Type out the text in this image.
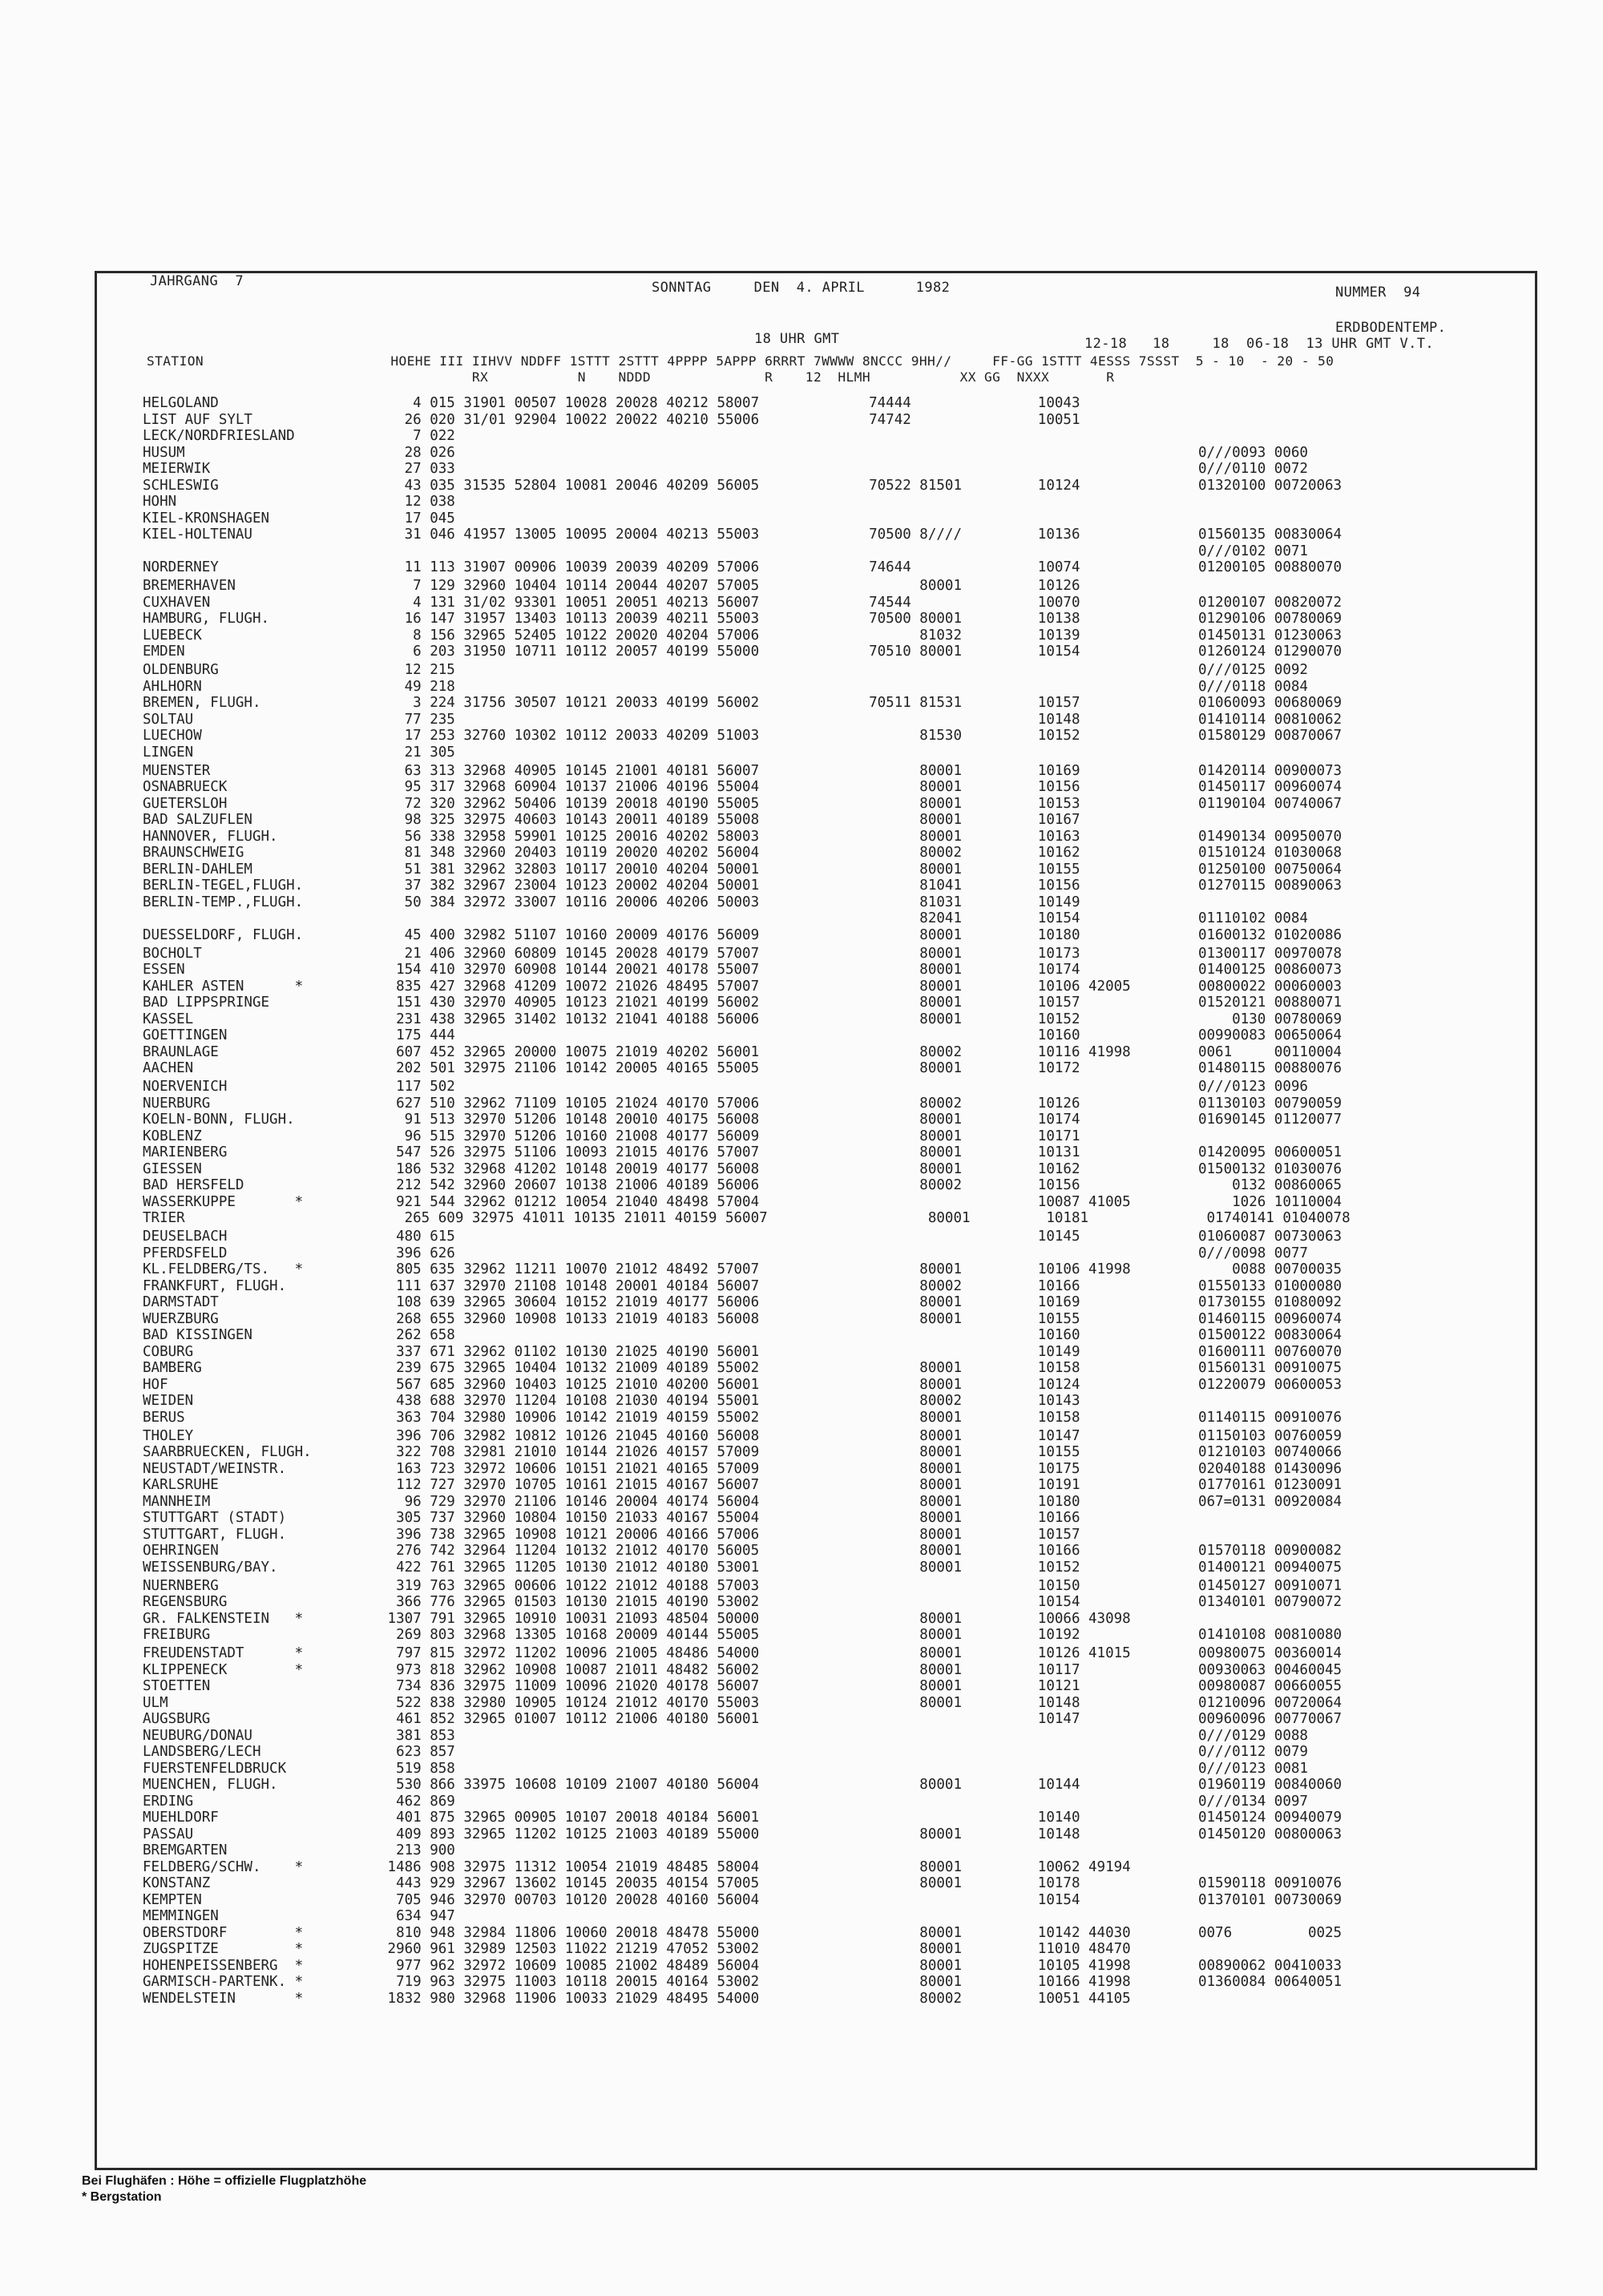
JAHRGANG  7	SONNTAG     DEN  4. APRIL      1982	NUMMER  94
18 UHR GMT
ERDBODENTEMP.
12-18   18     18  06-18  13 UHR GMT V.T.
STATION                       HOEHE III IIHVV NDDFF 1STTT 2STTT 4PPPP 5APPP 6RRRT 7WWWW 8NCCC 9HH//     FF-GG 1STTT 4ESSS 7SSST  5 - 10  - 20 - 50
RX           N    NDDD              R    12  HLMH           XX GG  NXXX       R
HELGOLAND                       4 015 31901 00507 10028 20028 40212 58007             74444               10043
LIST AUF SYLT                  26 020 31/01 92904 10022 20022 40210 55006             74742               10051
LECK/NORDFRIESLAND              7 022
HUSUM                          28 026                                                                                        0///0093 0060
MEIERWIK                       27 033                                                                                        0///0110 0072
SCHLESWIG                      43 035 31535 52804 10081 20046 40209 56005             70522 81501         10124              01320100 00720063
HOHN                           12 038
KIEL-KRONSHAGEN                17 045
KIEL-HOLTENAU                  31 046 41957 13005 10095 20004 40213 55003             70500 8////         10136              01560135 00830064
0///0102 0071
NORDERNEY                      11 113 31907 00906 10039 20039 40209 57006             74644               10074              01200105 00880070
BREMERHAVEN                     7 129 32960 10404 10114 20044 40207 57005                   80001         10126
CUXHAVEN                        4 131 31/02 93301 10051 20051 40213 56007             74544               10070              01200107 00820072
HAMBURG, FLUGH.                16 147 31957 13403 10113 20039 40211 55003             70500 80001         10138              01290106 00780069
LUEBECK                         8 156 32965 52405 10122 20020 40204 57006                   81032         10139              01450131 01230063
EMDEN                           6 203 31950 10711 10112 20057 40199 55000             70510 80001         10154              01260124 01290070
OLDENBURG                      12 215                                                                                        0///0125 0092
AHLHORN                        49 218                                                                                        0///0118 0084
BREMEN, FLUGH.                  3 224 31756 30507 10121 20033 40199 56002             70511 81531         10157              01060093 00680069
SOLTAU                         77 235                                                                     10148              01410114 00810062
LUECHOW                        17 253 32760 10302 10112 20033 40209 51003                   81530         10152              01580129 00870067
LINGEN                         21 305
MUENSTER                       63 313 32968 40905 10145 21001 40181 56007                   80001         10169              01420114 00900073
OSNABRUECK                     95 317 32968 60904 10137 21006 40196 55004                   80001         10156              01450117 00960074
GUETERSLOH                     72 320 32962 50406 10139 20018 40190 55005                   80001         10153              01190104 00740067
BAD SALZUFLEN                  98 325 32975 40603 10143 20011 40189 55008                   80001         10167
HANNOVER, FLUGH.               56 338 32958 59901 10125 20016 40202 58003                   80001         10163              01490134 00950070
BRAUNSCHWEIG                   81 348 32960 20403 10119 20020 40202 56004                   80002         10162              01510124 01030068
BERLIN-DAHLEM                  51 381 32962 32803 10117 20010 40204 50001                   80001         10155              01250100 00750064
BERLIN-TEGEL,FLUGH.            37 382 32967 23004 10123 20002 40204 50001                   81041         10156              01270115 00890063
BERLIN-TEMP.,FLUGH.            50 384 32972 33007 10116 20006 40206 50003                   81031         10149
82041         10154              01110102 0084
DUESSELDORF, FLUGH.            45 400 32982 51107 10160 20009 40176 56009                   80001         10180              01600132 01020086
BOCHOLT                        21 406 32960 60809 10145 20028 40179 57007                   80001         10173              01300117 00970078
ESSEN                         154 410 32970 60908 10144 20021 40178 55007                   80001         10174              01400125 00860073
KAHLER ASTEN      *           835 427 32968 41209 10072 21026 48495 57007                   80001         10106 42005        00800022 00060003
BAD LIPPSPRINGE               151 430 32970 40905 10123 21021 40199 56002                   80001         10157              01520121 00880071
KASSEL                        231 438 32965 31402 10132 21041 40188 56006                   80001         10152                  0130 00780069
GOETTINGEN                    175 444                                                                     10160              00990083 00650064
BRAUNLAGE                     607 452 32965 20000 10075 21019 40202 56001                   80002         10116 41998        0061     00110004
AACHEN                        202 501 32975 21106 10142 20005 40165 55005                   80001         10172              01480115 00880076
NOERVENICH                    117 502                                                                                        0///0123 0096
NUERBURG                      627 510 32962 71109 10105 21024 40170 57006                   80002         10126              01130103 00790059
KOELN-BONN, FLUGH.             91 513 32970 51206 10148 20010 40175 56008                   80001         10174              01690145 01120077
KOBLENZ                        96 515 32970 51206 10160 21008 40177 56009                   80001         10171
MARIENBERG                    547 526 32975 51106 10093 21015 40176 57007                   80001         10131              01420095 00600051
GIESSEN                       186 532 32968 41202 10148 20019 40177 56008                   80001         10162              01500132 01030076
BAD HERSFELD                  212 542 32960 20607 10138 21006 40189 56006                   80002         10156                  0132 00860065
WASSERKUPPE       *           921 544 32962 01212 10054 21040 48498 57004                                 10087 41005            1026 10110004
TRIER                          265 609 32975 41011 10135 21011 40159 56007                   80001         10181              01740141 01040078
DEUSELBACH                    480 615                                                                     10145              01060087 00730063
PFERDSFELD                    396 626                                                                                        0///0098 0077
KL.FELDBERG/TS.   *           805 635 32962 11211 10070 21012 48492 57007                   80001         10106 41998            0088 00700035
FRANKFURT, FLUGH.             111 637 32970 21108 10148 20001 40184 56007                   80002         10166              01550133 01000080
DARMSTADT                     108 639 32965 30604 10152 21019 40177 56006                   80001         10169              01730155 01080092
WUERZBURG                     268 655 32960 10908 10133 21019 40183 56008                   80001         10155              01460115 00960074
BAD KISSINGEN                 262 658                                                                     10160              01500122 00830064
COBURG                        337 671 32962 01102 10130 21025 40190 56001                                 10149              01600111 00760070
BAMBERG                       239 675 32965 10404 10132 21009 40189 55002                   80001         10158              01560131 00910075
HOF                           567 685 32960 10403 10125 21010 40200 56001                   80001         10124              01220079 00600053
WEIDEN                        438 688 32970 11204 10108 21030 40194 55001                   80002         10143
BERUS                         363 704 32980 10906 10142 21019 40159 55002                   80001         10158              01140115 00910076
THOLEY                        396 706 32982 10812 10126 21045 40160 56008                   80001         10147              01150103 00760059
SAARBRUECKEN, FLUGH.          322 708 32981 21010 10144 21026 40157 57009                   80001         10155              01210103 00740066
NEUSTADT/WEINSTR.             163 723 32972 10606 10151 21021 40165 57009                   80001         10175              02040188 01430096
KARLSRUHE                     112 727 32970 10705 10161 21015 40167 56007                   80001         10191              01770161 01230091
MANNHEIM                       96 729 32970 21106 10146 20004 40174 56004                   80001         10180              067=0131 00920084
STUTTGART (STADT)             305 737 32960 10804 10150 21033 40167 55004                   80001         10166
STUTTGART, FLUGH.             396 738 32965 10908 10121 20006 40166 57006                   80001         10157
OEHRINGEN                     276 742 32964 11204 10132 21012 40170 56005                   80001         10166              01570118 00900082
WEISSENBURG/BAY.              422 761 32965 11205 10130 21012 40180 53001                   80001         10152              01400121 00940075
NUERNBERG                     319 763 32965 00606 10122 21012 40188 57003                                 10150              01450127 00910071
REGENSBURG                    366 776 32965 01503 10130 21015 40190 53002                                 10154              01340101 00790072
GR. FALKENSTEIN   *          1307 791 32965 10910 10031 21093 48504 50000                   80001         10066 43098
FREIBURG                      269 803 32968 13305 10168 20009 40144 55005                   80001         10192              01410108 00810080
FREUDENSTADT      *           797 815 32972 11202 10096 21005 48486 54000                   80001         10126 41015        00980075 00360014
KLIPPENECK        *           973 818 32962 10908 10087 21011 48482 56002                   80001         10117              00930063 00460045
STOETTEN                      734 836 32975 11009 10096 21020 40178 56007                   80001         10121              00980087 00660055
ULM                           522 838 32980 10905 10124 21012 40170 55003                   80001         10148              01210096 00720064
AUGSBURG                      461 852 32965 01007 10112 21006 40180 56001                                 10147              00960096 00770067
NEUBURG/DONAU                 381 853                                                                                        0///0129 0088
LANDSBERG/LECH                623 857                                                                                        0///0112 0079
FUERSTENFELDBRUCK             519 858                                                                                        0///0123 0081
MUENCHEN, FLUGH.              530 866 33975 10608 10109 21007 40180 56004                   80001         10144              01960119 00840060
ERDING                        462 869                                                                                        0///0134 0097
MUEHLDORF                     401 875 32965 00905 10107 20018 40184 56001                                 10140              01450124 00940079
PASSAU                        409 893 32965 11202 10125 21003 40189 55000                   80001         10148              01450120 00800063
BREMGARTEN                    213 900
FELDBERG/SCHW.    *          1486 908 32975 11312 10054 21019 48485 58004                   80001         10062 49194
KONSTANZ                      443 929 32967 13602 10145 20035 40154 57005                   80001         10178              01590118 00910076
KEMPTEN                       705 946 32970 00703 10120 20028 40160 56004                                 10154              01370101 00730069
MEMMINGEN                     634 947
OBERSTDORF        *           810 948 32984 11806 10060 20018 48478 55000                   80001         10142 44030        0076         0025
ZUGSPITZE         *          2960 961 32989 12503 11022 21219 47052 53002                   80001         11010 48470
HOHENPEISSENBERG  *           977 962 32972 10609 10085 21002 48489 56004                   80001         10105 41998        00890062 00410033
GARMISCH-PARTENK. *           719 963 32975 11003 10118 20015 40164 53002                   80001         10166 41998        01360084 00640051
WENDELSTEIN       *          1832 980 32968 11906 10033 21029 48495 54000                   80002         10051 44105
Bei Flughäfen : Höhe = offizielle Flugplatzhöhe
* Bergstation
